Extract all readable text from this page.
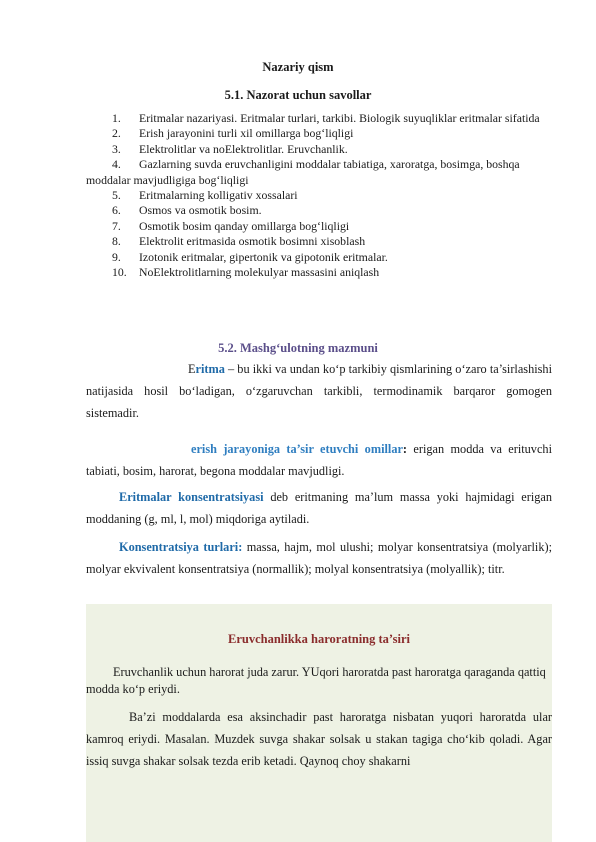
Nazariy qism
5.1. Nazorat uchun savollar
1. Eritmalar nazariyasi. Eritmalar turlari, tarkibi. Biologik suyuqliklar eritmalar sifatida
2. Erish jarayonini turli xil omillarga bog‘liqligi
3. Elektrolitlar va noElektrolitlar. Eruvchanlik.
4. Gazlarning suvda eruvchanligini moddalar tabiatiga, xaroratga, bosimga, boshqa moddalar mavjudligiga bog‘liqligi
5. Eritmalarning kolligativ xossalari
6. Osmos va osmotik bosim.
7. Osmotik bosim qanday omillarga bog‘liqligi
8. Elektrolit eritmasida osmotik bosimni xisoblash
9. Izotonik eritmalar, gipertonik va gipotonik eritmalar.
10. NoElektrolitlarning molekulyar massasini aniqlash
5.2. Mashg‘ulotning mazmuni
Eritma – bu ikki va undan ko‘p tarkibiy qismlarining o‘zaro ta’sirlashishi natijasida hosil bo‘ladigan, o‘zgaruvchan tarkibli, termodinamik barqaror gomogen sistemadir.
erish jarayoniga ta’sir etuvchi omillar: erigan modda va erituvchi tabiati, bosim, harorat, begona moddalar mavjudligi.
Eritmalar konsentratsiyasi deb eritmaning ma’lum massa yoki hajmidagi erigan moddaning (g, ml, l, mol) miqdoriga aytiladi.
Konsentratsiya turlari: massa, hajm, mol ulushi; molyar konsentratsiya (molyarlik); molyar ekvivalent konsentratsiya (normallik); molyal konsentratsiya (molyallik); titr.
Eruvchanlikka haroratning ta’siri
Eruvchanlik uchun harorat juda zarur. YUqori haroratda past haroratga qaraganda qattiq modda ko‘p eriydi.
Ba’zi moddalarda esa aksinchadir past haroratga nisbatan yuqori haroratda ular kamroq eriydi. Masalan. Muzdek suvga shakar solsak u stakan tagiga cho‘kib qoladi. Agar issiq suvga shakar solsak tezda erib ketadi. Qaynoq choy shakarni
